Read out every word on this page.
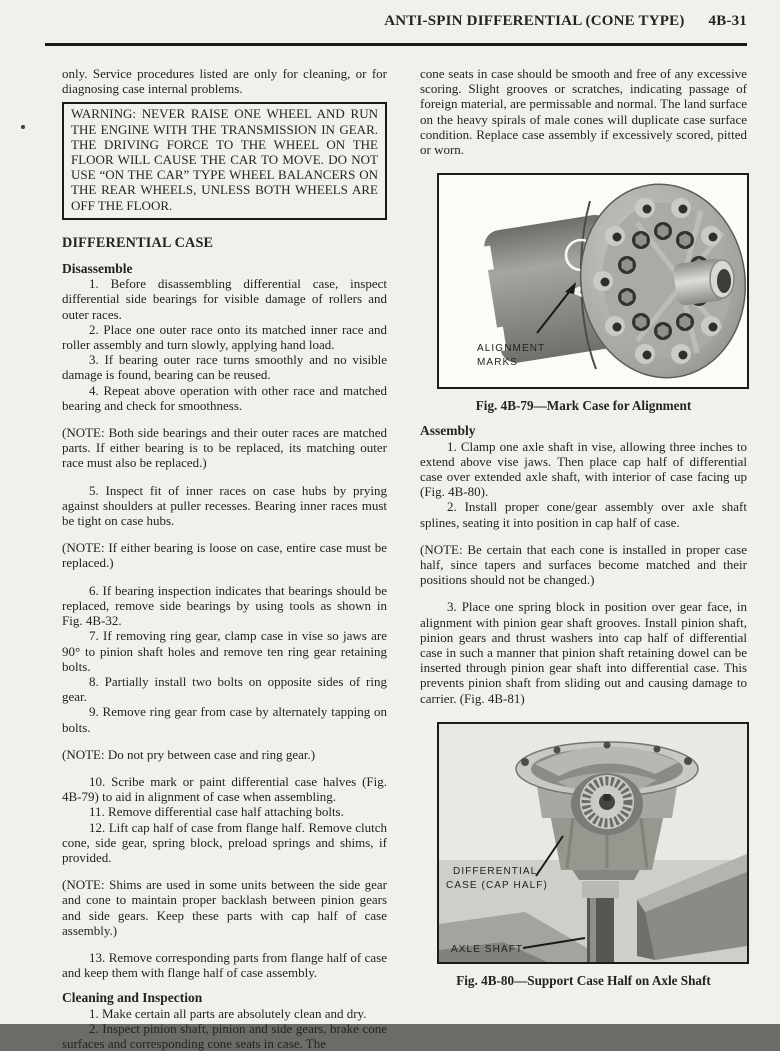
ANTI-SPIN DIFFERENTIAL (CONE TYPE) 4B-31

only. Service procedures listed are only for cleaning, or for diagnosing case internal problems.

WARNING: NEVER RAISE ONE WHEEL AND RUN THE ENGINE WITH THE TRANSMISSION IN GEAR. THE DRIVING FORCE TO THE WHEEL ON THE FLOOR WILL CAUSE THE CAR TO MOVE. DO NOT USE “ON THE CAR” TYPE WHEEL BALANCERS ON THE REAR WHEELS, UNLESS BOTH WHEELS ARE OFF THE FLOOR.

DIFFERENTIAL CASE
Disassemble

1. Before disassembling differential case, inspect differential side bearings for visible damage of rollers and outer races.

2. Place one outer race onto its matched inner race and roller assembly and turn slowly, applying hand load.

3. If bearing outer race turns smoothly and no visible damage is found, bearing can be reused.

4. Repeat above operation with other race and matched bearing and check for smoothness.

(NOTE: Both side bearings and their outer races are matched parts. If either bearing is to be replaced, its matching outer race must also be replaced.)

5. Inspect fit of inner races on case hubs by prying against shoulders at puller recesses. Bearing inner races must be tight on case hubs.

(NOTE: If either bearing is loose on case, entire case must be replaced.)

6. If bearing inspection indicates that bearings should be replaced, remove side bearings by using tools as shown in Fig. 4B-32.

7. If removing ring gear, clamp case in vise so jaws are 90° to pinion shaft holes and remove ten ring gear retaining bolts.

8. Partially install two bolts on opposite sides of ring gear.

9. Remove ring gear from case by alternately tapping on bolts.

(NOTE: Do not pry between case and ring gear.)

10. Scribe mark or paint differential case halves (Fig. 4B-79) to aid in alignment of case when assembling.

11. Remove differential case half attaching bolts.

12. Lift cap half of case from flange half. Remove clutch cone, side gear, spring block, preload springs and shims, if provided.

(NOTE: Shims are used in some units between the side gear and cone to maintain proper backlash between pinion gears and side gears. Keep these parts with cap half of case assembly.)

13. Remove corresponding parts from flange half of case and keep them with flange half of case assembly.

Cleaning and Inspection

1. Make certain all parts are absolutely clean and dry.

2. Inspect pinion shaft, pinion and side gears, brake cone surfaces and corresponding cone seats in case. The

cone seats in case should be smooth and free of any excessive scoring. Slight grooves or scratches, indicating passage of foreign material, are permissable and normal. The land surface on the heavy spirals of male cones will duplicate case surface condition. Replace case assembly if excessively scored, pitted or worn.

ALIGNMENT
MARKS

Fig. 4B-79—Mark Case for Alignment

Assembly

1. Clamp one axle shaft in vise, allowing three inches to extend above vise jaws. Then place cap half of differential case over extended axle shaft, with interior of case facing up (Fig. 4B-80).

2. Install proper cone/gear assembly over axle shaft splines, seating it into position in cap half of case.

(NOTE: Be certain that each cone is installed in proper case half, since tapers and surfaces become matched and their positions should not be changed.)

3. Place one spring block in position over gear face, in alignment with pinion gear shaft grooves. Install pinion shaft, pinion gears and thrust washers into cap half of differential case in such a manner that pinion shaft retaining dowel can be inserted through pinion gear shaft into differential case. This prevents pinion shaft from sliding out and causing damage to carrier. (Fig. 4B-81)

DIFFERENTIAL
CASE (CAP HALF)
AXLE SHAFT

Fig. 4B-80—Support Case Half on Axle Shaft
